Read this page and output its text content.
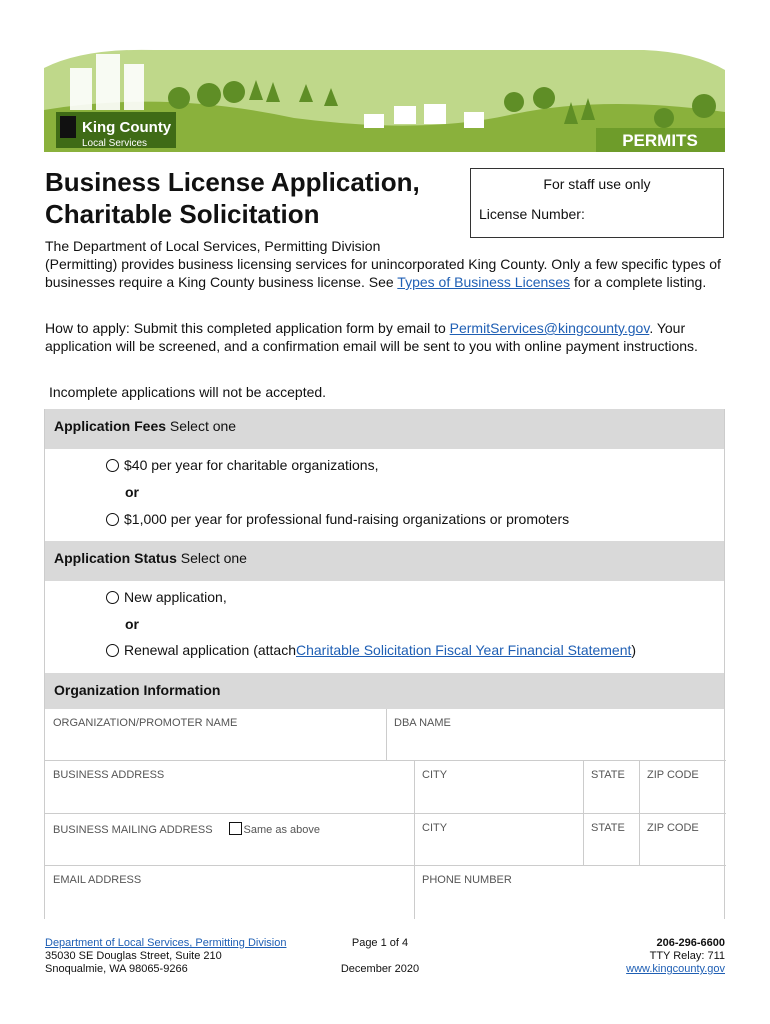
King County
Local Services	PERMITS
Business License Application,
Charitable Solicitation
For staff use only
License Number:
The Department of Local Services, Permitting Division
(Permitting) provides business licensing services for unincorporated King County. Only a few specific types of businesses require a King County business license. See Types of Business Licenses for a complete listing.
How to apply: Submit this completed application form by email to PermitServices@kingcounty.gov. Your application will be screened, and a confirmation email will be sent to you with online payment instructions.
Incomplete applications will not be accepted.
Application Fees Select one
$40 per year for charitable organizations,
or
$1,000 per year for professional fund-raising organizations or promoters
Application Status Select one
New application,
or
Renewal application (attach Charitable Solicitation Fiscal Year Financial Statement )
Organization Information
ORGANIZATION/PROMOTER NAME	DBA NAME
BUSINESS ADDRESS	CITY	STATE	ZIP CODE
BUSINESS MAILING ADDRESS	Same as above	CITY	STATE	ZIP CODE
EMAIL ADDRESS	PHONE NUMBER
Department of Local Services, Permitting Division
35030 SE Douglas Street, Suite 210
Snoqualmie, WA 98065-9266
Page 1 of 4

December 2020
206-296-6600
TTY Relay: 711
www.kingcounty.gov
